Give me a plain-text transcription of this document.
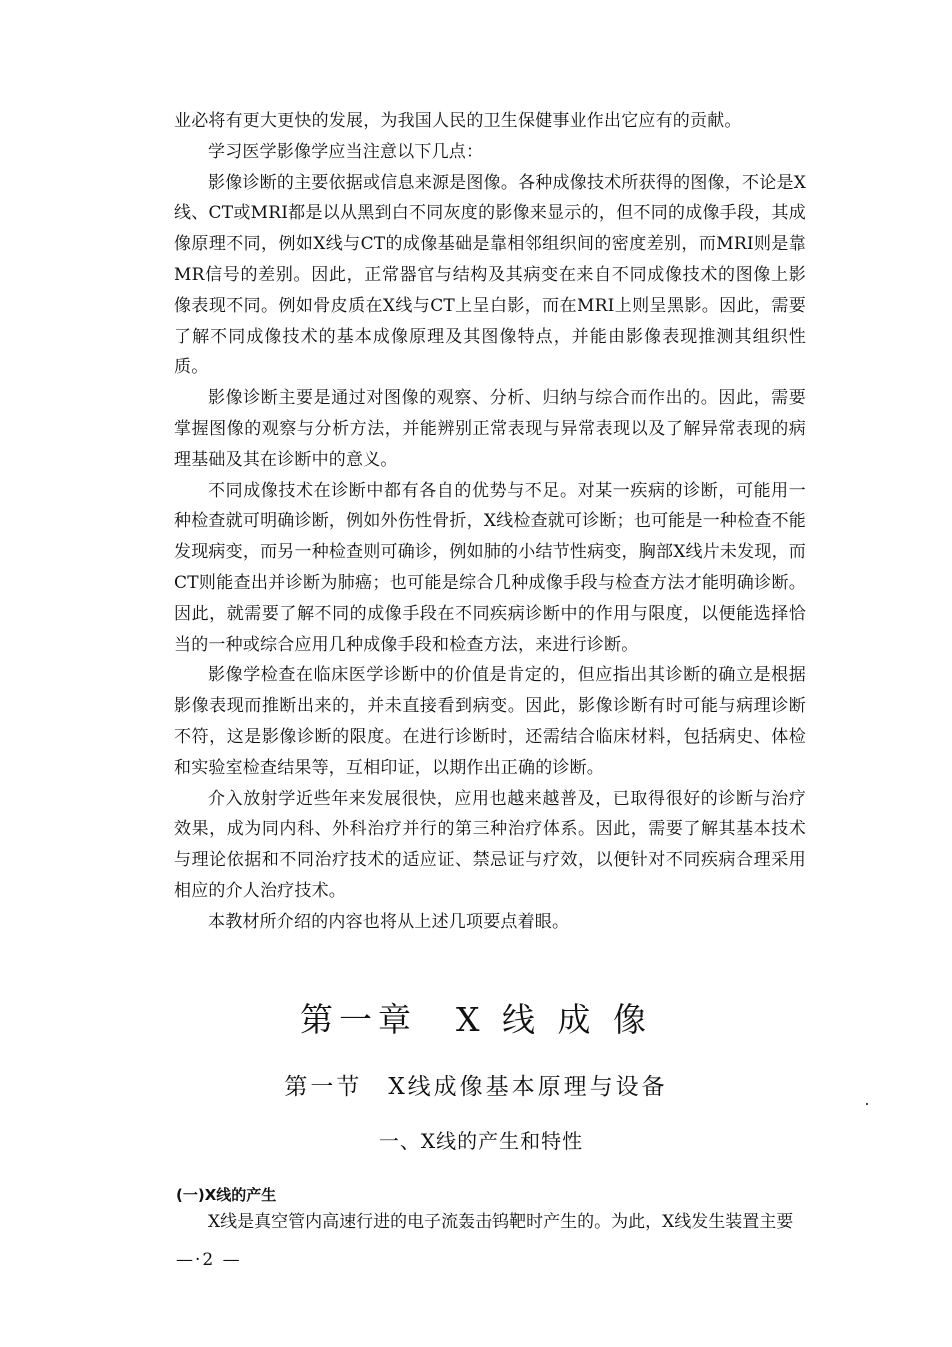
业必将有更大更快的发展，为我国人民的卫生保健事业作出它应有的贡献。

学习医学影像学应当注意以下几点：

影像诊断的主要依据或信息来源是图像。各种成像技术所获得的图像，不论是X线、CT或MRI都是以从黑到白不同灰度的影像来显示的，但不同的成像手段，其成像原理不同，例如X线与CT的成像基础是靠相邻组织间的密度差别，而MRI则是靠MR信号的差别。因此，正常器官与结构及其病变在来自不同成像技术的图像上影像表现不同。例如骨皮质在X线与CT上呈白影，而在MRI上则呈黑影。因此，需要了解不同成像技术的基本成像原理及其图像特点，并能由影像表现推测其组织性质。

影像诊断主要是通过对图像的观察、分析、归纳与综合而作出的。因此，需要掌握图像的观察与分析方法，并能辨别正常表现与异常表现以及了解异常表现的病理基础及其在诊断中的意义。

不同成像技术在诊断中都有各自的优势与不足。对某一疾病的诊断，可能用一种检查就可明确诊断，例如外伤性骨折，X线检查就可诊断；也可能是一种检查不能发现病变，而另一种检查则可确诊，例如肺的小结节性病变，胸部X线片未发现，而CT则能查出并诊断为肺癌；也可能是综合几种成像手段与检查方法才能明确诊断。因此，就需要了解不同的成像手段在不同疾病诊断中的作用与限度，以便能选择恰当的一种或综合应用几种成像手段和检查方法，来进行诊断。

影像学检查在临床医学诊断中的价值是肯定的，但应指出其诊断的确立是根据影像表现而推断出来的，并未直接看到病变。因此，影像诊断有时可能与病理诊断不符，这是影像诊断的限度。在进行诊断时，还需结合临床材料，包括病史、体检和实验室检查结果等，互相印证，以期作出正确的诊断。

介入放射学近些年来发展很快，应用也越来越普及，已取得很好的诊断与治疗效果，成为同内科、外科治疗并行的第三种治疗体系。因此，需要了解其基本技术与理论依据和不同治疗技术的适应证、禁忌证与疗效，以便针对不同疾病合理采用相应的介人治疗技术。

本教材所介绍的内容也将从上述几项要点着眼。

第一章　X 线 成 像
第一节　X线成像基本原理与设备
一、X线的产生和特性
(一)X线的产生

X线是真空管内高速行进的电子流轰击钨靶时产生的。为此，X线发生装置主要

—·2 —
